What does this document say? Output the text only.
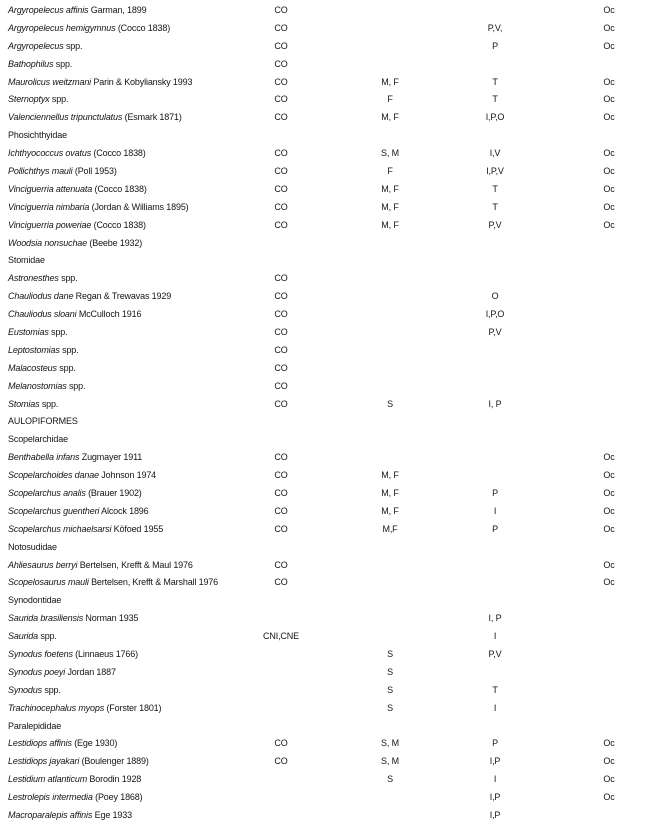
Argyropelecus affinis Garman, 1899	CO				Oc
Argyropelecus hemigymnus (Cocco 1838)	CO		P,V,		Oc
Argyropelecus spp.	CO		P		Oc
Bathophilus spp.	CO				
Maurolicus weitzmani Parin & Kobyliansky 1993	CO	M, F	T		Oc
Sternoptyx spp.	CO	F	T		Oc
Valenciennellus tripunctulatus (Esmark 1871)	CO	M, F	I,P,O		Oc
Phosichthyidae					
Ichthyococcus ovatus (Cocco 1838)	CO	S, M	I,V		Oc
Pollichthys mauli (Poll 1953)	CO	F	I,P,V		Oc
Vinciguerria attenuata (Cocco 1838)	CO	M, F	T		Oc
Vinciguerria nimbaria (Jordan & Williams 1895)	CO	M, F	T		Oc
Vinciguerria poweriae (Cocco 1838)	CO	M, F	P,V		Oc
Woodsia nonsuchae (Beebe 1932)					
Stomidae					
Astronesthes spp.	CO				
Chauliodus dane Regan & Trewavas 1929	CO		O		
Chauliodus sloani McCulloch 1916	CO		I,P,O		
Eustomias spp.	CO		P,V		
Leptostomias spp.	CO				
Malacosteus spp.	CO				
Melanostomias spp.	CO				
Stomias spp.	CO	S	I, P		
AULOPIFORMES					
Scopelarchidae					
Benthabella infans Zugmayer 1911	CO				Oc
Scopelarchoides danae Johnson 1974	CO	M, F			Oc
Scopelarchus analis (Brauer 1902)	CO	M, F	P		Oc
Scopelarchus guentheri Alcock 1896	CO	M, F	I		Oc
Scopelarchus michaelsarsi Köfoed 1955	CO	M,F	P		Oc
Notosudidae					
Ahliesaurus berryi Bertelsen, Krefft & Maul 1976	CO				Oc
Scopelosaurus mauli Bertelsen, Krefft & Marshall 1976	CO				Oc
Synodontidae					
Saurida brasiliensis Norman 1935			I, P		
Saurida spp.	CNI,CNE		I		
Synodus foetens (Linnaeus 1766)		S	P,V		
Synodus poeyi Jordan 1887		S			
Synodus spp.		S	T		
Trachinocephalus myops (Forster 1801)		S	I		
Paralepididae					
Lestidiops affinis (Ege 1930)	CO	S, M	P		Oc
Lestidiops jayakari (Boulenger 1889)	CO	S, M	I,P		Oc
Lestidium atlanticum Borodin 1928		S	I		Oc
Lestrolepis intermedia (Poey 1868)			I,P		Oc
Macroparalepis affinis Ege 1933			I,P		
